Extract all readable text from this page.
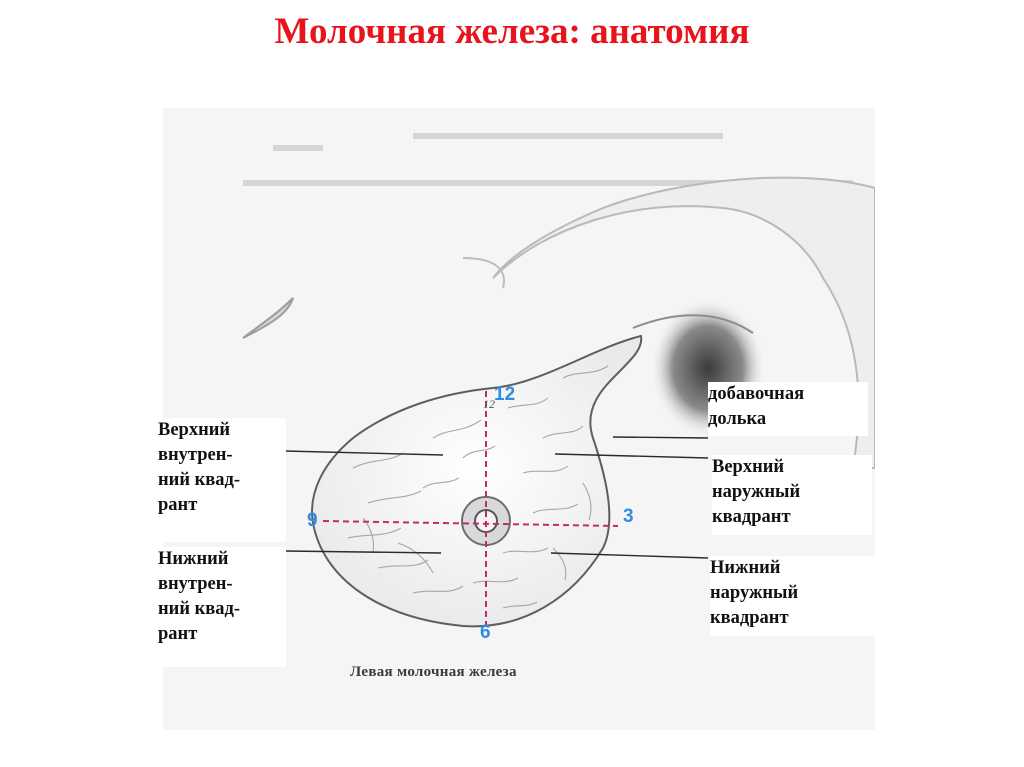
Молочная железа: анатомия
12
Верхний
внутрен-
ний квад-
рант
Нижний
внутрен-
ний квад-
рант
добавочная
долька
Верхний
наружный
квадрант
Нижний
наружный
квадрант
12
3
6
9
Левая молочная железа
